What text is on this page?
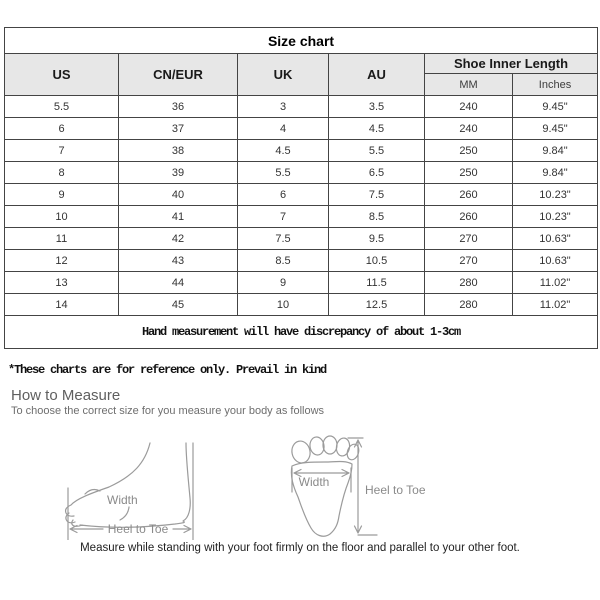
Size chart					
US	CN/EUR	UK	AU	Shoe Inner Length	
				MM	Inches
5.5	36	3	3.5	240	9.45"
6	37	4	4.5	240	9.45"
7	38	4.5	5.5	250	9.84"
8	39	5.5	6.5	250	9.84"
9	40	6	7.5	260	10.23"
10	41	7	8.5	260	10.23"
11	42	7.5	9.5	270	10.63"
12	43	8.5	10.5	270	10.63"
13	44	9	11.5	280	11.02"
14	45	10	12.5	280	11.02"
Hand measurement will have discrepancy of about 1-3cm					
*These charts are for reference only. Prevail in kind
How to Measure
To choose the correct size for you measure your body as follows
Width
Heel to Toe
Width
Heel to Toe
Measure while standing with your foot firmly on the floor and parallel to your other foot.
